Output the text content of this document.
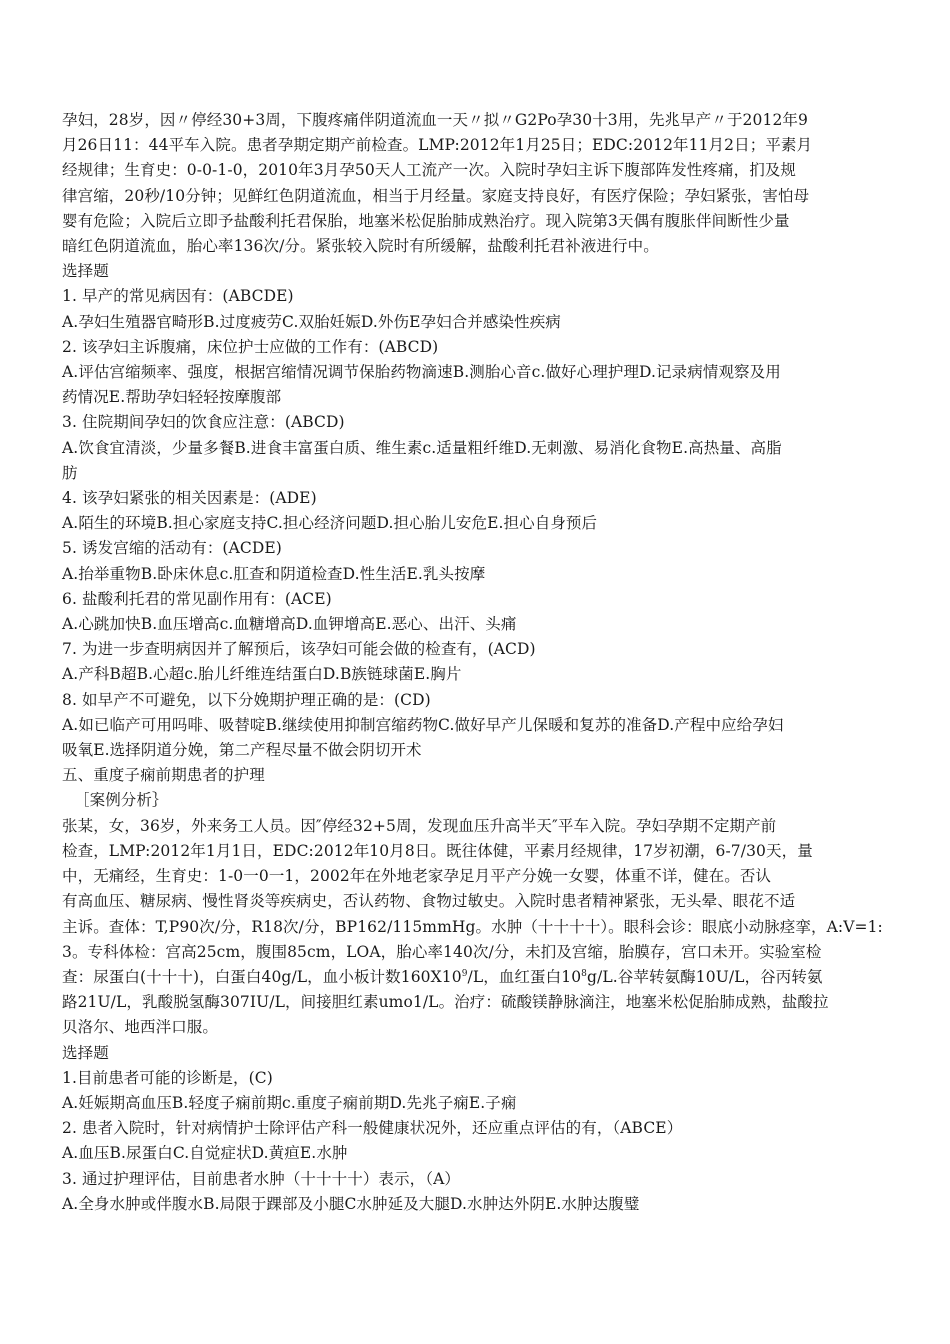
孕妇，28岁，因〃停经30+3周，下腹疼痛伴阴道流血一天〃拟〃G2Po孕30十3用，先兆早产〃于2012年9
月26日11：44平车入院。患者孕期定期产前检查。LMP:2012年1月25日；EDC:2012年11月2日；平素月
经规律；生育史：0-0-1-0，2010年3月孕50天人工流产一次。入院时孕妇主诉下腹部阵发性疼痛，扪及规
律宫缩，20秒/10分钟；见鲜红色阴道流血，相当于月经量。家庭支持良好，有医疗保险；孕妇紧张，害怕母
婴有危险；入院后立即予盐酸利托君保胎，地塞米松促胎肺成熟治疗。现入院第3天偶有腹胀伴间断性少量
暗红色阴道流血，胎心率136次/分。紧张较入院时有所缓解，盐酸利托君补液进行中。
选择题
1. 早产的常见病因有：(ABCDE)
A.孕妇生殖器官畸形B.过度疲劳C.双胎妊娠D.外伤E孕妇合并感染性疾病
2. 该孕妇主诉腹痛，床位护士应做的工作有：(ABCD)
A.评估宫缩频率、强度，根据宫缩情况调节保胎药物滴速B.测胎心音c.做好心理护理D.记录病情观察及用
药情况E.帮助孕妇轻轻按摩腹部
3. 住院期间孕妇的饮食应注意：(ABCD)
A.饮食宜清淡，少量多餐B.进食丰富蛋白质、维生素c.适量粗纤维D.无刺激、易消化食物E.高热量、高脂
肪
4. 该孕妇紧张的相关因素是：(ADE)
A.陌生的环境B.担心家庭支持C.担心经济问题D.担心胎儿安危E.担心自身预后
5. 诱发宫缩的活动有：(ACDE)
A.抬举重物B.卧床休息c.肛查和阴道检查D.性生活E.乳头按摩
6. 盐酸利托君的常见副作用有：(ACE)
A.心跳加快B.血压增高c.血糖增高D.血钾增高E.恶心、出汗、头痛
7. 为进一步查明病因并了解预后，该孕妇可能会做的检查有，(ACD)
A.产科B超B.心超c.胎儿纤维连结蛋白D.B族链球菌E.胸片
8. 如早产不可避免，以下分娩期护理正确的是：(CD)
A.如已临产可用吗啡、吸替啶B.继续使用抑制宫缩药物C.做好早产儿保暖和复苏的准备D.产程中应给孕妇
吸氧E.选择阴道分娩，第二产程尽量不做会阴切开术
五、重度子痫前期患者的护理
［案例分析｝
张某，女，36岁，外来务工人员。因″停经32+5周，发现血压升高半天″平车入院。孕妇孕期不定期产前
检查，LMP:2012年1月1日，EDC:2012年10月8日。既往体健，平素月经规律，17岁初潮，6-7/30天，量
中，无痛经，生育史：1-0一0一1，2002年在外地老家孕足月平产分娩一女婴，体重不详，健在。否认
有高血压、糖尿病、慢性肾炎等疾病史，否认药物、食物过敏史。入院时患者精神紧张，无头晕、眼花不适
主诉。查体：T,P90次/分，R18次/分，BP162/115mmHg。水肿（十十十十）。眼科会诊：眼底小动脉痉挛，A:V=1:
3。专科体检：宫高25cm，腹围85cm，LOA，胎心率140次/分，未扪及宫缩，胎膜存，宫口未开。实验室检
查：尿蛋白(十十十)，白蛋白40g/L，血小板计数$160X10^9/L$，血红蛋白$10^8g/L$.谷苹转氨酶10U/L，谷丙转氨
路21U/L，乳酸脱氢酶307IU/L，间接胆红素umo1/L。治疗：硫酸镁静脉滴注，地塞米松促胎肺成熟，盐酸拉
贝洛尔、地西泮口服。
选择题
1.目前患者可能的诊断是，(C)
A.妊娠期高血压B.轻度子痫前期c.重度子痫前期D.先兆子痫E.子痫
2. 患者入院时，针对病情护士除评估产科一般健康状况外，还应重点评估的有，（ABCE）
A.血压B.尿蛋白C.自觉症状D.黄疸E.水肿
3. 通过护理评估，目前患者水肿（十十十十）表示，（A）
A.全身水肿或伴腹水B.局限于踝部及小腿C水肿延及大腿D.水肿达外阴E.水肿达腹璧
